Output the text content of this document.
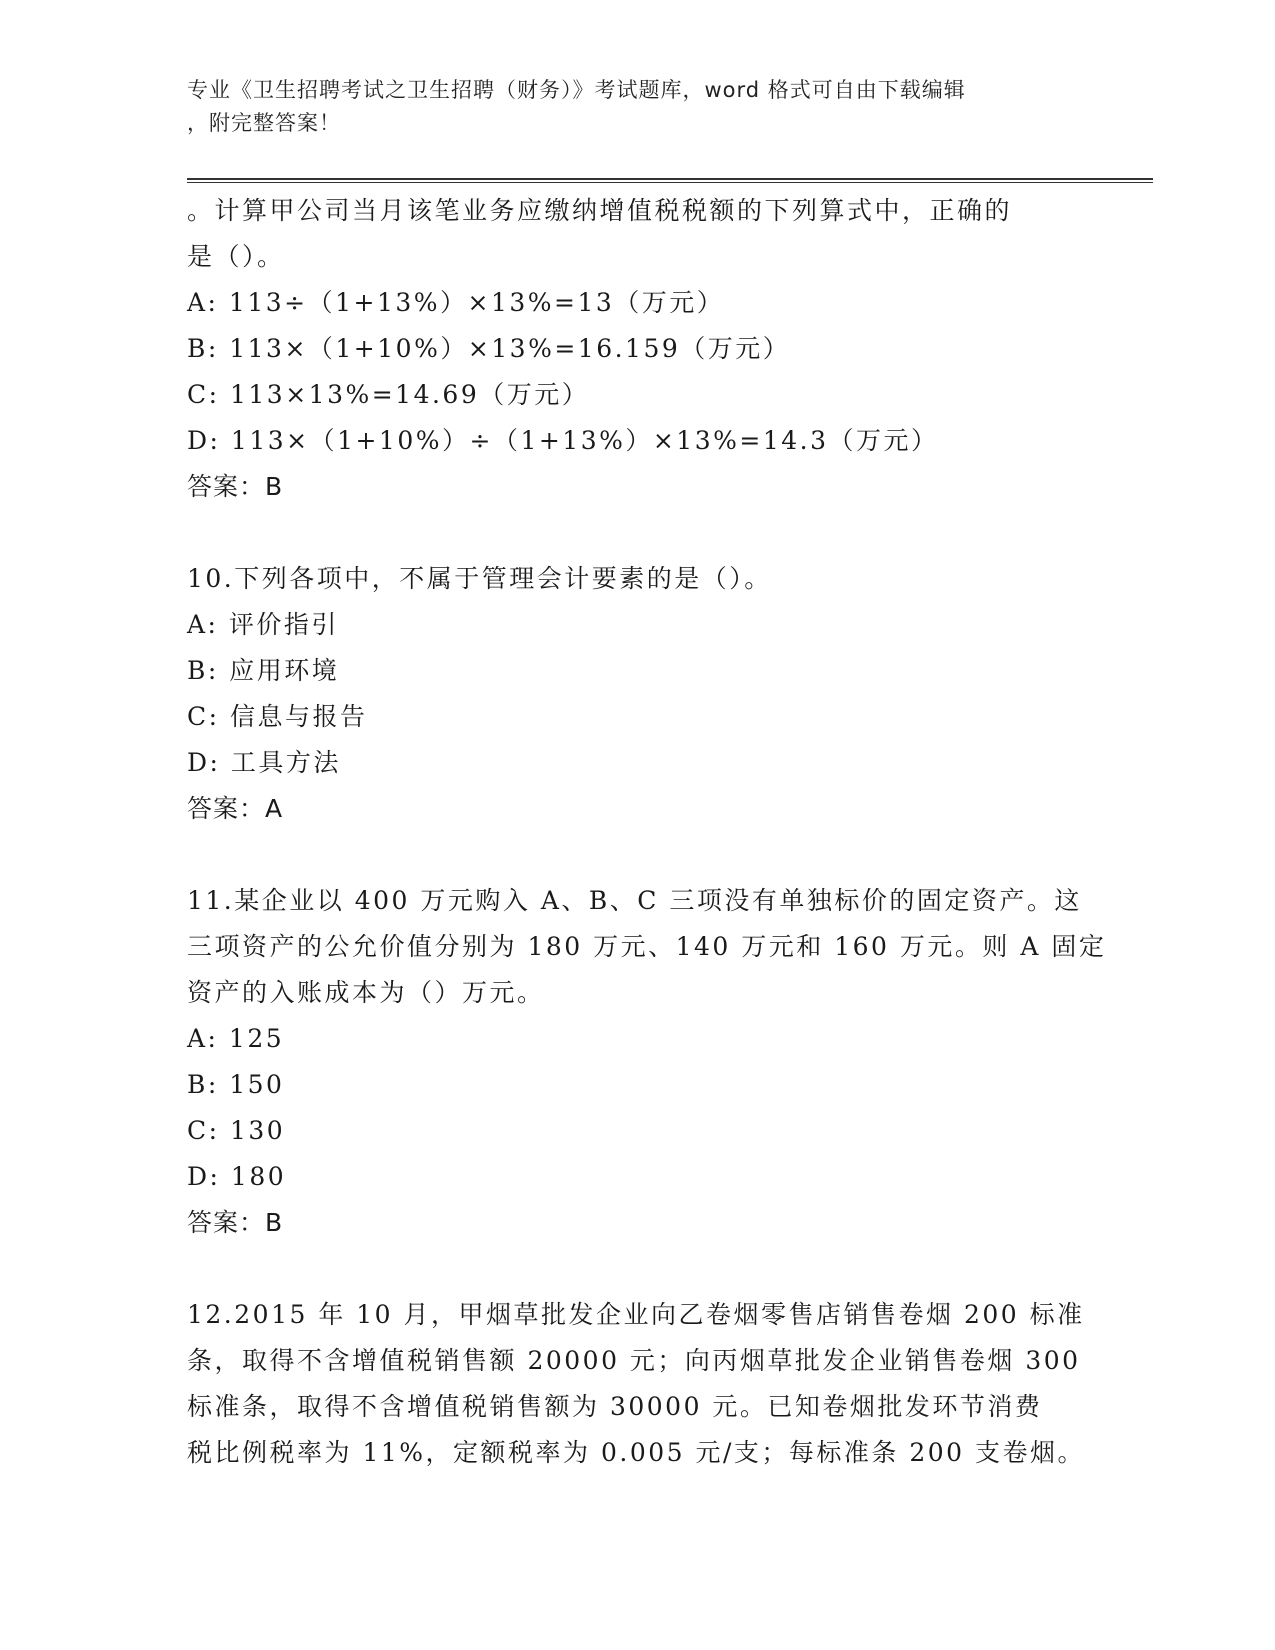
专业《卫生招聘考试之卫生招聘（财务）》考试题库，word 格式可自由下载编辑
，附完整答案！
。计算甲公司当月该笔业务应缴纳增值税税额的下列算式中，正确的
是（）。
A: 113÷（1+13%）×13%=13（万元）
B: 113×（1+10%）×13%=16.159（万元）
C: 113×13%=14.69（万元）
D: 113×（1+10%）÷（1+13%）×13%=14.3（万元）
答案：B
10.下列各项中，不属于管理会计要素的是（）。
A: 评价指引
B: 应用环境
C: 信息与报告
D: 工具方法
答案：A
11.某企业以 400 万元购入 A、B、C 三项没有单独标价的固定资产。这
三项资产的公允价值分别为 180 万元、140 万元和 160 万元。则 A 固定
资产的入账成本为（）万元。
A: 125
B: 150
C: 130
D: 180
答案：B
12.2015 年 10 月，甲烟草批发企业向乙卷烟零售店销售卷烟 200 标准
条，取得不含增值税销售额 20000 元；向丙烟草批发企业销售卷烟 300
标准条，取得不含增值税销售额为 30000 元。已知卷烟批发环节消费
税比例税率为 11%，定额税率为 0.005 元/支；每标准条 200 支卷烟。
